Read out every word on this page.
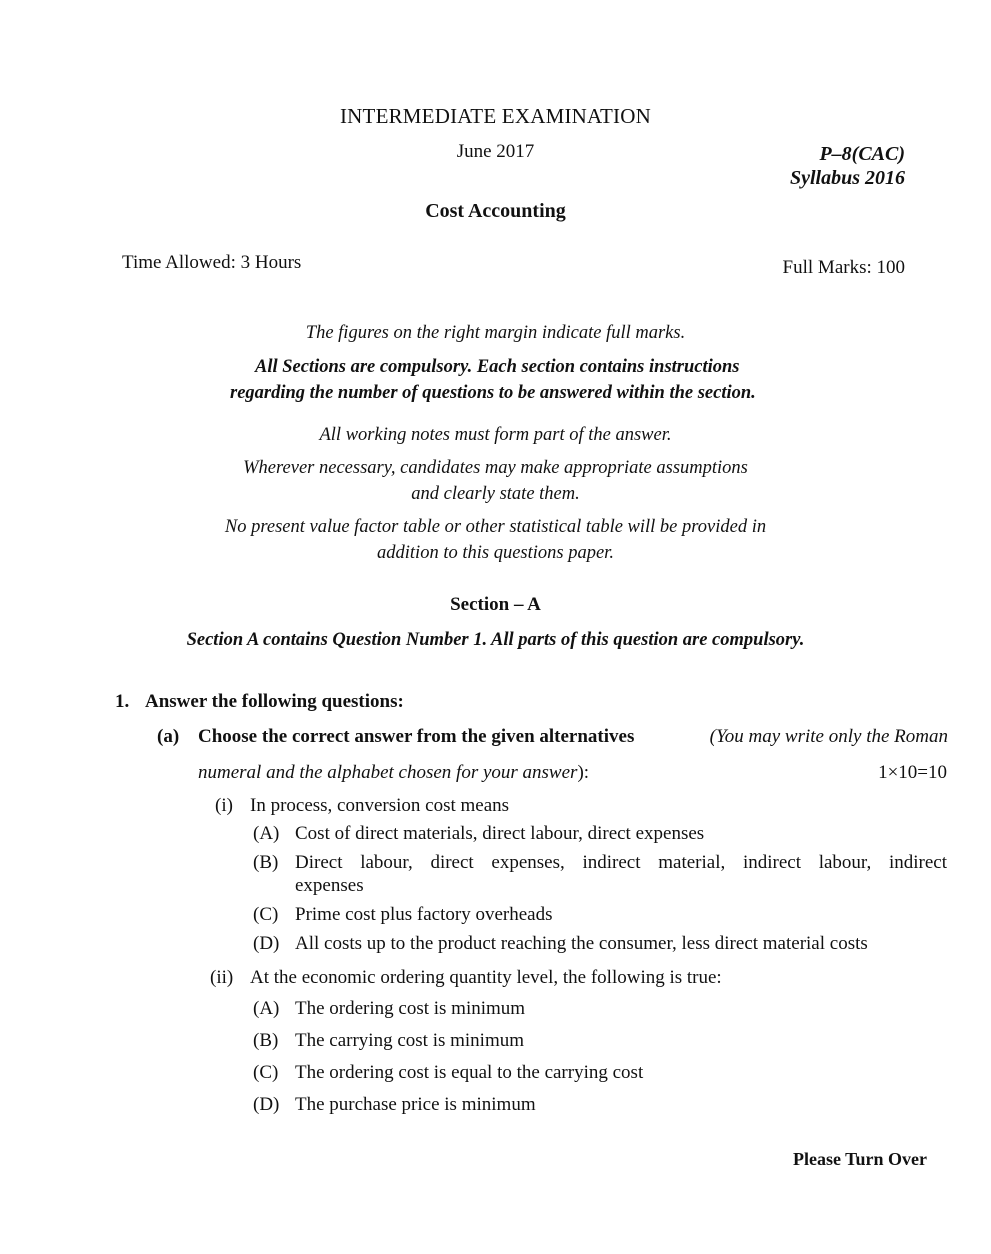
INTERMEDIATE EXAMINATION
June 2017	P–8(CAC)
Syllabus 2016
Cost Accounting
Time Allowed: 3 Hours	Full Marks: 100
The figures on the right margin indicate full marks.
All Sections are compulsory. Each section contains instructions
regarding the number of questions to be answered within the section.
All working notes must form part of the answer.
Wherever necessary, candidates may make appropriate assumptions
and clearly state them.
No present value factor table or other statistical table will be provided in
addition to this questions paper.
Section – A
Section A contains Question Number 1. All parts of this question are compulsory.
1. Answer the following questions:
(a) Choose the correct answer from the given alternatives	(You may write only the Roman
numeral and the alphabet chosen for your answer):	1×10=10
(i) In process, conversion cost means
(A) Cost of direct materials, direct labour, direct expenses
(B) Direct labour, direct expenses, indirect material, indirect labour, indirect
expenses
(C) Prime cost plus factory overheads
(D) All costs up to the product reaching the consumer, less direct material costs
(ii) At the economic ordering quantity level, the following is true:
(A) The ordering cost is minimum
(B) The carrying cost is minimum
(C) The ordering cost is equal to the carrying cost
(D) The purchase price is minimum
Please Turn Over
